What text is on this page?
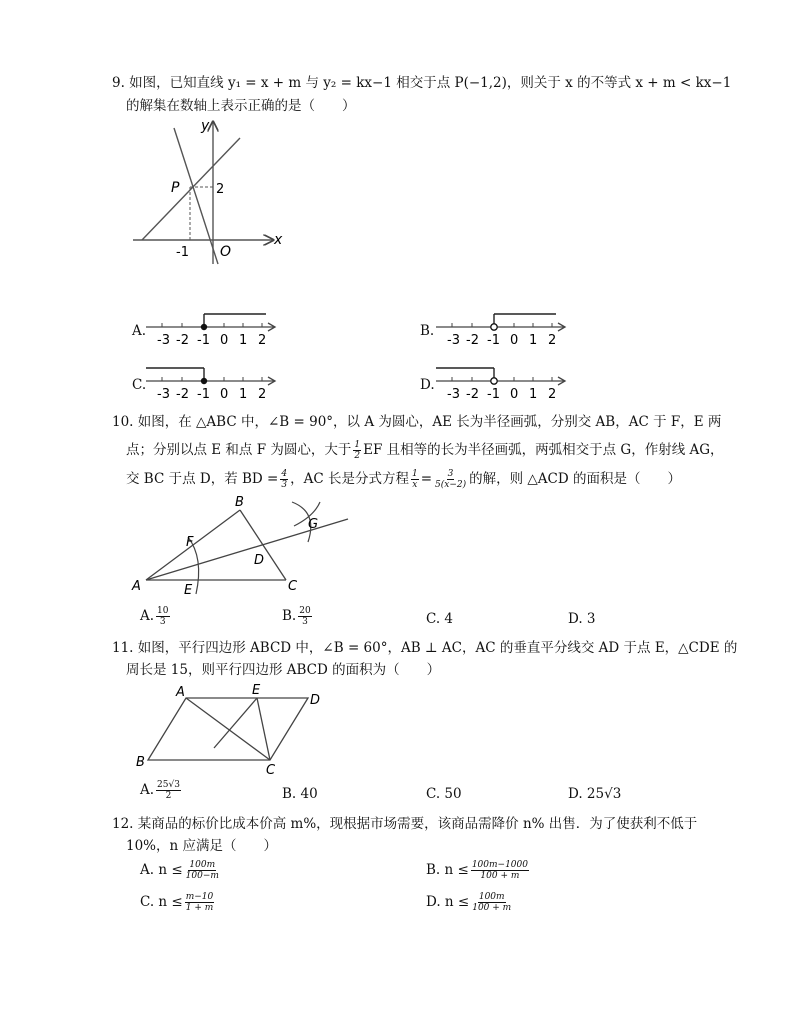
9. 如图，已知直线 y₁ = x + m 与 y₂ = kx−1 相交于点 P(−1,2)，则关于 x 的不等式 x + m < kx−1
的解集在数轴上表示正确的是（　　）
y
x
P	2
-1 O
A.
-3 -2 -1 0 1 2
B.
-3 -2 -1 0 1 2
C.
-3 -2 -1 0 1 2
D.
-3 -2 -1 0 1 2
10. 如图，在 △ABC 中，∠B = 90°，以 A 为圆心，AE 长为半径画弧，分别交 AB，AC 于 F，E 两
点；分别以点 E 和点 F 为圆心，大于 $\frac{1}{2}$ EF 且相等的长为半径画弧，两弧相交于点 G，作射线 AG，
交 BC 于点 D，若 BD = $\frac{4}{3}$ ，AC 长是分式方程 $\frac{1}{x} = \frac{3}{5(x-2)}$ 的解，则 △ACD 的面积是（　　）
A
B
C
D
E
F
G
A. $\frac{10}{3}$	B. $\frac{20}{3}$	C. 4	D. 3
11. 如图，平行四边形 ABCD 中，∠B = 60°，AB ⊥ AC，AC 的垂直平分线交 AD 于点 E，△CDE 的
周长是 15，则平行四边形 ABCD 的面积为（　　）
A	E
D
B
C
A. $\frac{25√3}{2}$	B. 40	C. 50	D. 25√3
12. 某商品的标价比成本价高 m%，现根据市场需要，该商品需降价 n% 出售．为了使获利不低于
10%，n 应满足（　　）
A. $n \le \frac{100m}{100-m}$	B. $n \le \frac{100m-1000}{100 + m}$
C. $n \le \frac{m-10}{1 + m}$	D. $n \le \frac{100m}{100 + m}$
